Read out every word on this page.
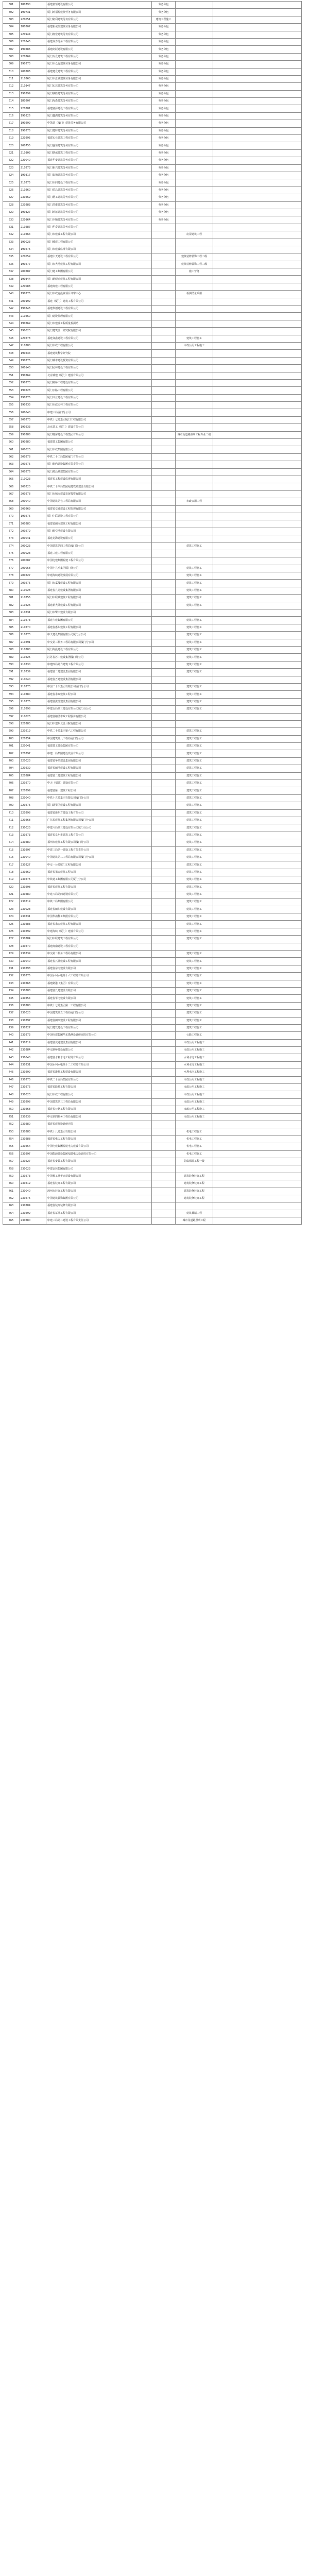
601	180790	福建嘉恒建设有限公司	劳务分包		
602	190731	厦门鸿福源建筑劳务有限公司	劳务分包		
603	220051	厦门铭利建筑劳务有限公司	建筑工程施工		
604	180207	福建新诚信建筑劳务有限公司	劳务分包		
605	220944	厦门润宏建筑劳务有限公司	劳务分包		
606	220345	福建众力劳务工程有限公司	劳务分包		
607	190285	福建朗跃建设有限公司	劳务分包		
608	220269	厦门万众建筑工程有限公司	劳务分包		
609	190273	厦门市众行建筑劳务有限公司	劳务分包		
610	200206	福建建众建筑工程有限公司	劳务分包		
611	210260	厦门市汇诚建筑劳务有限公司	劳务分包		
612	210347	厦门宏达建筑劳务有限公司	劳务分包		
613	190299	厦门联胜建筑劳务有限公司	劳务分包		
614	180207	厦门海森建筑劳务有限公司	劳务分包		
615	220281	福建富源建设工程有限公司	劳务分包		
616	190326	厦门鑫鸿建筑劳务有限公司	劳务分包		
617	190299	中凯建（厦门）建筑劳务有限公司	劳务分包		
618	190275	厦门建辉建筑劳务有限公司	劳务分包		
619	220295	福建宏业建筑工程有限公司	劳务分包		
620	200755	厦门盛恒建筑劳务有限公司	劳务分包		
621	210303	厦门联诚建筑工程有限公司	劳务分包		
622	220040	福建华安建筑劳务有限公司	劳务分包		
623	210273	厦门新兴建筑劳务有限公司	劳务分包		
624	190317	厦门泰和建筑劳务有限公司	劳务分包		
625	210275	厦门市同建设工程有限公司	劳务分包		
626	210260	厦门荣昌建筑劳务有限公司	劳务分包		
627	230269	厦门精工建筑劳务有限公司	劳务分包		
628	220283	厦门昌盛建筑劳务有限公司	劳务分包		
629	190327	厦门鸿运建筑劳务有限公司	劳务分包		
630	220964	厦门全顺建筑劳务有限公司	劳务分包		
631	210287	厦门华泰建筑劳务有限公司			
632	210264	厦门市建设工程有限公司		房屋建筑工程	
633	190023	厦门城建工程有限公司			
634	190275	厦门市建设监理有限公司			
635	220059	福建中天建设工程有限公司		建筑装修装饰工程二级	
636	190277	厦门市大地建筑工程有限公司		建筑装修装饰工程二级	
637	200287	厦门建工集团有限公司		施工劳务	
638	190344	厦门新纪元建筑工程有限公司			
639	220088	福建闽建工程有限公司			
640	190275	厦门市政府投资项目评审中心		检测结论采用	
641	200199	福建（厦门）建筑工程有限公司			
642	190246	福建华创建设工程有限公司			
643	210260	厦门建设监理有限公司			
644	190269	厦门市建设工程质量检测站			
645	190023	厦门建筑设计研究院有限公司			
646	220278	福建众鑫建设工程有限公司		建筑工程施工	
647	210280	厦门市政工程有限公司		市政公用工程施工	
648	190234	福建建筑科学研究院			
649	190275	厦门城市建设投资有限公司			
650	200140	厦门园林建设工程有限公司			
651	190269	北京城建（厦门）建设有限公司			
652	190273	厦门路桥工程建设有限公司			
653	190223	厦门公路工程有限公司			
654	190275	厦门兴业建设工程有限公司			
655	190233	厦门市政园林工程有限公司			
656	200040	中建三局厦门分公司			
657	200273	中铁十七局集团厦门工程有限公司			
658	190233	北京建工（厦门）建设有限公司			
659	190288	厦门特房建设工程集团有限公司		城市及道路照明工程专业二级	
660	190280	福建建工集团有限公司			
661	200023	厦门市政集团有限公司			
662	200278	中铁二十二局集团厦门有限公司			
663	200275	厦门象屿建设集团有限责任公司			
664	200276	厦门源昌城建集团有限公司			
665	210023	福建省工程建设监理有限公司			
666	200220	中铁二十四局集团福建铁路建设有限公司			
667	200278	厦门市城市建设发展投资有限公司			
668	200040	中国建筑第七工程局有限公司		市政公用工程	
669	200269	福建省交通建设工程监理有限公司			
670	190275	厦门中联建设工程有限公司			
671	200280	福建省闽南建筑工程有限公司			
672	200279	厦门航空港建设有限公司			
673	200041	福建龙海建设有限公司			
674	200023	中国建筑第四工程局厦门分公司		建筑工程施工	
675	200023	福建三建工程有限公司			
676	200087	中国电建集团福建工程有限公司			
677	200058	中国十九冶集团厦门分公司		建筑工程施工	
678	200227	中建海峡建设发展有限公司		建筑工程施工	
679	200275	厦门市嘉晟建设工程有限公司		建筑工程施工	
680	210023	福建省九龙建设集团有限公司		建筑工程施工	
681	210255	厦门中联城建筑工程有限公司		建筑工程施工	
682	210226	福建新大陆建设工程有限公司		建筑工程施工	
683	210231	厦门市鹭申建设有限公司			
684	210273	福建六建集团有限公司		建筑工程施工	
685	210270	福建省惠东建筑工程有限公司		建筑工程施工	
686	210273	中天建设集团有限公司厦门分公司		建筑工程施工	
687	210291	中交第三航务工程局有限公司厦门分公司		建筑工程施工	
688	210280	厦门海投建设工程有限公司		建筑工程施工	
689	210225	江苏省苏中建设集团厦门分公司		建筑工程施工	
690	210230	中建四局第六建筑工程有限公司		建筑工程施工	
691	210239	福建省二建建设集团有限公司		建筑工程施工	
692	210040	福建省五建建设集团有限公司			
693	210273	中国二十冶集团有限公司厦门分公司		建筑工程施工	
694	210280	福建省永泰建筑工程公司		建筑工程施工	
695	210275	福建省泷澄建设集团有限公司		建筑工程施工	
696	210298	中建五局第三建设有限公司厦门分公司		建筑工程施工	
697	210023	福建省榕圣市政工程股份有限公司			
698	220280	厦门中建东北设计院有限公司			
699	220219	中铁二十局集团第六工程有限公司		建筑工程施工	
700	220254	中国建筑第八工程局厦门分公司		建筑工程施工	
701	220041	福建建工建设集团有限公司		建筑工程施工	
702	220297	中建一局集团建设发展有限公司		建筑工程施工	
703	220023	福建省华荣建设集团有限公司		建筑工程施工	
704	220239	福建省闽清建设工程有限公司		建筑工程施工	
705	220284	福建省二建建筑工程有限公司		建筑工程施工	
706	220270	中天（福建）建设有限公司		建筑工程施工	
707	220299	福建省第一建筑工程公司		建筑工程施工	
708	220040	中铁十五局集团有限公司厦门分公司		建筑工程施工	
709	220275	厦门湖里区建设工程有限公司		建筑工程施工	
710	220298	福建省新东方建设工程有限公司		建筑工程施工	
711	220268	广东省建筑工程集团有限公司厦门分公司		建筑工程施工	
712	230023	中建八局第三建设有限公司厦门分公司		建筑工程施工	
713	230273	福建省泉州市建筑工程有限公司		建筑工程施工	
714	230280	福州市建筑工程有限公司厦门分公司		建筑工程施工	
715	230297	中建三局第一建设工程有限责任公司		建筑工程施工	
716	230040	中国建筑第二工程局有限公司厦门分公司		建筑工程施工	
717	230227	中交一公局厦门工程有限公司		建筑工程施工	
718	230269	福建省第五建筑工程公司		建筑工程施工	
719	230275	中铁建工集团有限公司厦门分公司		建筑工程施工	
720	230298	福建省建筑工程有限公司		建筑工程施工	
721	230280	中建八局第四建设有限公司		建筑工程施工	
722	230219	中铁二局集团有限公司		建筑工程施工	
723	230023	福建省闽东建设有限公司		建筑工程施工	
724	230231	中国华冶科工集团有限公司		建筑工程施工	
725	230283	福建省永安建筑工程有限公司		建筑工程施工	
726	230299	中建海峡（厦门）建设有限公司		建筑工程施工	
727	230284	厦门中联建筑工程有限公司		建筑工程施工	
728	230270	福建闽南建设工程有限公司			
729	230239	中交第二航务工程局有限公司		建筑工程施工	
730	230040	福建省兴业建设工程有限公司		建筑工程施工	
731	230298	福建省东南建设有限公司		建筑工程施工	
732	230275	中国水利水电第十六工程局有限公司		建筑工程施工	
733	230268	福建路港（集团）有限公司		建筑工程施工	
734	230288	福建省九建建设有限公司		建筑工程施工	
735	230254	福建省华电建设有限公司		建筑工程施工	
736	230280	中铁十七局集团第一工程有限公司		建筑工程施工	
737	230023	中国建筑第五工程局厦门分公司		建筑工程施工	
738	230297	福建省闽西建设工程有限公司		建筑工程施工	
739	230227	厦门建发建设工程有限公司		建筑工程施工	
740	230273	中国电建集团华东勘测设计研究院有限公司		公路工程施工	
741	230219	福建省交通建设集团有限公司		市政公用工程施工	
742	230284	中交路桥建设有限公司		市政公用工程施工	
743	230040	福建省水利水电工程局有限公司		水利水电工程施工	
744	230231	中国水利水电第十二工程局有限公司		水利水电工程施工	
745	230299	福建省港航工程建设有限公司		水利水电工程施工	
746	230270	中铁二十五局集团有限公司		市政公用工程施工	
747	230275	福建省路桥工程有限公司		市政公用工程施工	
748	230023	厦门市政工程有限公司		市政公用工程施工	
749	230298	中国建筑第三工程局有限公司		市政公用工程施工	
750	230268	福建省公路工程有限公司		市政公用工程施工	
751	230239	中交第四航务工程局有限公司		市政公用工程施工	
752	230280	福建省建筑设计研究院			
753	230283	中铁十八局集团有限公司		机电工程施工	
754	230288	福建省电力工程有限公司		机电工程施工	
755	230254	中国电建集团福建电力建设有限公司		机电工程施工	
756	230297	中国能源建设集团福建电力设计院有限公司		机电工程施工	
757	230227	福建省安装工程有限公司		防腐保温工程一级	
758	230023	中建安装集团有限公司			
759	230273	中国核工业华兴建设有限公司		建筑装修装饰工程	
760	230219	福建省装饰工程有限公司		建筑装修装饰工程	
761	230040	漳州市装饰工程有限公司		建筑装修装饰工程	
762	230275	中国建筑装饰集团有限公司		建筑装修装饰工程	
763	230284	福建省装饰装修有限公司			
764	230299	福建省幕墙工程有限公司		建筑幕墙工程	
765	230280	中建三局第二建设工程有限责任公司		城市及道路照明工程	
